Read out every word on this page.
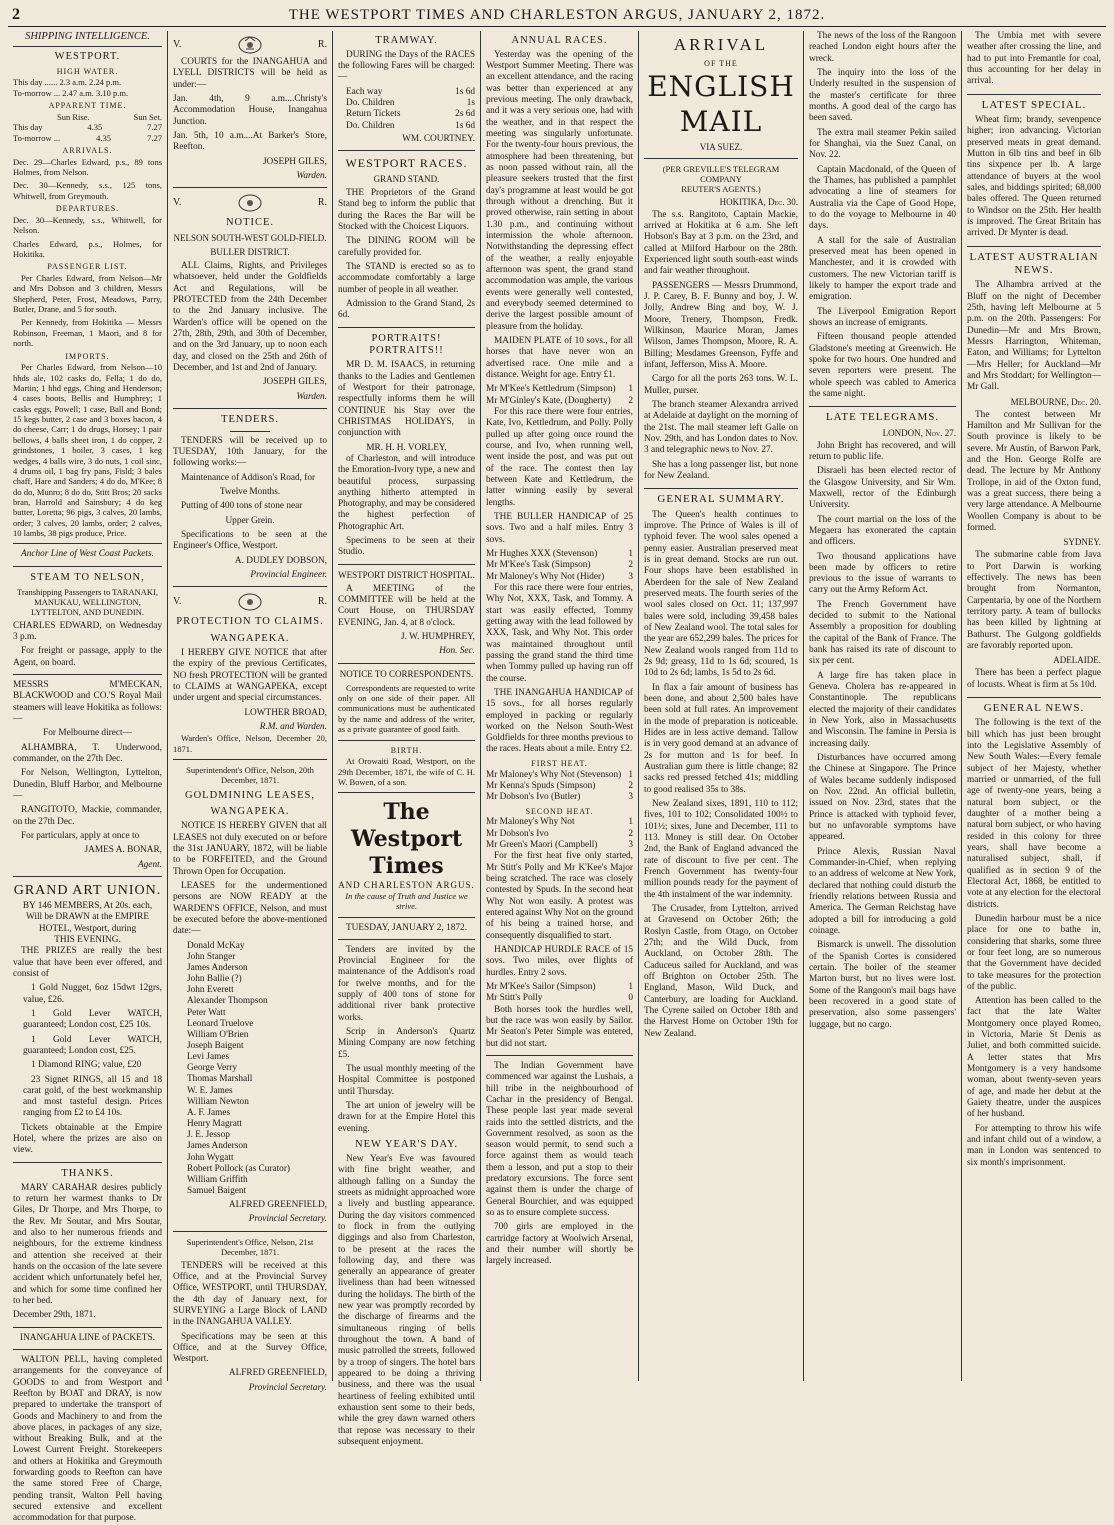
2	THE WESTPORT TIMES AND CHARLESTON ARGUS, JANUARY 2, 1872.
SHIPPING INTELLIGENCE.
WESTPORT.
HIGH WATER.
This day ...... 2.3 a.m. 2.24 p.m.
To-morrow ... 2.47 a.m. 3.10 p.m.
APPARENT TIME.
Sun Rise.	Sun Set.
This day	4.35	7.27
To-morrow ...	4.35	7.27
ARRIVALS.

Dec. 29—Charles Edward, p.s., 89 tons Holmes, from Nelson.

Dec. 30—Kennedy, s.s., 125 tons, Whitwell, from Greymouth.

DEPARTURES.

Dec. 30—Kennedy, s.s., Whitwell, for Nelson.

Charles Edward, p.s., Holmes, for Hokitika.

PASSENGER LIST.

Per Charles Edward, from Nelson—Mr and Mrs Dobson and 3 children, Messrs Shepherd, Peter, Frost, Meadows, Parry, Butler, Drane, and 5 for south.

Per Kennedy, from Hokitika — Messrs Robinson, Freeman, 1 Maori, and 8 for north.

IMPORTS.

Per Charles Edward, from Nelson—10 hhds ale, 102 casks do, Fella; 1 do do, Martin; 1 hhd eggs, Ching and Henderson; 4 cases boots, Bellis and Humphrey; 1 casks eggs, Powell; 1 case, Ball and Bond; 15 kegs butter, 2 case and 3 boxes bacon, 4 do cheese, Carr; 1 do drugs, Horsey; 1 pair bellows, 4 balls sheet iron, 1 do copper, 2 grindstones, 1 boiler, 3 cases, 1 keg wedges, 4 balls wire, 3 do nuts, 1 coil sinc, 4 drums oil, 1 bag fry pans, Fisld; 3 bales chaff, Hare and Sanders; 4 do do, M'Kee; 8 do do, Munro; 8 do do, Stitt Bros; 20 sacks bran, Harrold and Sainsbury; 4 do keg butter, Loretta; 96 pigs, 3 calves, 20 lambs, order; 3 calves, 20 lambs, order; 2 calves, 10 lambs, 38 pigs produce, Price.

Anchor Line of West Coast Packets.
STEAM TO NELSON,

Transhipping Passengers to TARANAKI, MANUKAU, WELLINGTON, LYTTELTON, AND DUNEDIN.

CHARLES EDWARD, on Wednesday 3 p.m.

For freight or passage, apply to the Agent, on board.

MESSRS M'MECKAN, BLACKWOOD and CO.'S Royal Mail steamers will leave Hokitika as follows:—

For Melbourne direct—

ALHAMBRA, T. Underwood, commander, on the 27th Dec.

For Nelson, Wellington, Lyttelton, Dunedin, Bluff Harbor, and Melbourne—

RANGITOTO, Mackie, commander, on the 27th Dec.

For particulars, apply at once to

JAMES A. BONAR,
Agent.
GRAND ART UNION.
BY 146 MEMBERS, At 20s. each,
Will be DRAWN at the EMPIRE HOTEL, Westport, during
THIS EVENING.

THE PRIZES are really the best value that have been ever offered, and consist of

1 Gold Nugget, 6oz 15dwt 12grs, value, £26.

1 Gold Lever WATCH, guaranteed; London cost, £25 10s.

1 Gold Lever WATCH, guaranteed; London cost, £25.

1 Diamond RING; value, £20

23 Signet RINGS, all 15 and 18 carat gold, of the best workmanship and most tasteful design. Prices ranging from £2 to £4 10s.

Tickets obtainable at the Empire Hotel, where the prizes are also on view.

THANKS.

MARY CARAHAR desires publicly to return her warmest thanks to Dr Giles, Dr Thorpe, and Mrs Thorpe, to the Rev. Mr Soutar, and Mrs Soutar, and also to her numerous friends and neighbours, for the extreme kindness and attention she received at their hands on the occasion of the late severe accident which unfortunately befel her, and which for some time confined her to her bed.

December 29th, 1871.

INANGAHUA LINE of PACKETS.

WALTON PELL, having completed arrangements for the conveyance of GOODS to and from Westport and Reefton by BOAT and DRAY, is now prepared to undertake the transport of Goods and Machinery to and from the above places, in packages of any size, without Breaking Bulk, and at the Lowest Current Freight. Storekeepers and others at Hokitika and Greymouth forwarding goods to Reefton can have the same stored Free of Charge, pending transit, Walton Pell having secured extensive and excellent accommodation for that purpose.

V.	R.

COURTS for the INANGAHUA and LYELL DISTRICTS will be held as under:—

Jan. 4th, 9 a.m....Christy's Accommodation House, Inangahua Junction.

Jan. 5th, 10 a.m....At Barker's Store, Reefton.

JOSEPH GILES,
Warden.
V.	R.
NOTICE.
NELSON SOUTH-WEST GOLD-FIELD.
BULLER DISTRICT.

ALL Claims, Rights, and Privileges whatsoever, held under the Goldfields Act and Regulations, will be PROTECTED from the 24th December to the 2nd January inclusive. The Warden's office will be opened on the 27th, 28th, 29th, and 30th of December, and on the 3rd January, up to noon each day, and closed on the 25th and 26th of December, and 1st and 2nd of January.

JOSEPH GILES,
Warden.
TENDERS.

TENDERS will be received up to TUESDAY, 10th January, for the following works:—

Maintenance of Addison's Road, for

Twelve Months.

Putting of 400 tons of stone near

Upper Grein.

Specifications to be seen at the Engineer's Office, Westport.

A. DUDLEY DOBSON,
Provincial Engineer.
V.	R.
PROTECTION TO CLAIMS.
WANGAPEKA.

I HEREBY GIVE NOTICE that after the expiry of the previous Certificates, NO fresh PROTECTION will be granted to CLAIMS at WANGAPEKA, except under urgent and special circumstances.

LOWTHER BROAD,
R.M. and Warden.

Warden's Office, Nelson, December 20, 1871.

Superintendent's Office, Nelson, 20th December, 1871.

GOLDMINING LEASES,
WANGAPEKA.

NOTICE IS HEREBY GIVEN that all LEASES not duly executed on or before the 31st JANUARY, 1872, will be liable to be FORFEITED, and the Ground Thrown Open for Occupation.

LEASES for the undermentioned persons are NOW READY at the WARDEN'S OFFICE, Nelson, and must be executed before the above-mentioned date:—

Donald McKay
John Stanger
James Anderson
John Ballie (?)
John Everett
Alexander Thompson
Peter Watt
Leonard Truelove
William O'Brien
Joseph Baigent
Levi James
George Verry
Thomas Marshall
W. E. James
William Newton
A. F. James
Henry Magratt
J. E. Jessop
James Anderson
John Wygatt
Robert Pollock (as Curator)
William Griffith
Samuel Baigent
ALFRED GREENFIELD,
Provincial Secretary.

Superintendent's Office, Nelson, 21st December, 1871.

TENDERS will be received at this Office, and at the Provincial Survey Office, WESTPORT, until THURSDAY, the 4th day of January next, for SURVEYING a Large Block of LAND in the INANGAHUA VALLEY.

Specifications may be seen at this Office, and at the Survey Office, Westport.

ALFRED GREENFIELD,
Provincial Secretary.
TRAMWAY.

DURING the Days of the RACES the following Fares will be charged:—

Each way	1s 6d
Do. Children	1s
Return Tickets	2s 6d
Do. Children	1s 6d
WM. COURTNEY.
WESTPORT RACES.
GRAND STAND.

THE Proprietors of the Grand Stand beg to inform the public that during the Races the Bar will be Stocked with the Choicest Liquors.

The DINING ROOM will be carefully provided for.

The STAND is erected so as to accommodate comfortably a large number of people in all weather.

Admission to the Grand Stand, 2s 6d.

PORTRAITS! PORTRAITS!!

MR D. M. ISAACS, in returning thanks to the Ladies and Gentlemen of Westport for their patronage, respectfully informs them he will CONTINUE his Stay over the CHRISTMAS HOLIDAYS, in conjunction with

MR. H. H. VORLEY,

of Charleston, and will introduce the Emoration-Ivory type, a new and beautiful process, surpassing anything hitherto attempted in Photography, and may be considered the highest perfection of Photographic Art.

Specimens to be seen at their Studio.

WESTPORT DISTRICT HOSPITAL.

A MEETING of the COMMITTEE will be held at the Court House, on THURSDAY EVENING, Jan. 4, at 8 o'clock.

J. W. HUMPHREY,
Hon. Sec.
NOTICE TO CORRESPONDENTS.

Correspondents are requested to write only on one side of their paper. All communications must be authenticated by the name and address of the writer, as a private guarantee of good faith.

BIRTH.

At Orowaiti Road, Westport, on the 29th December, 1871, the wife of C. H. W. Bowen, of a son.

The Westport Times
AND CHARLESTON ARGUS.
In the cause of Truth and Justice we strive.
TUESDAY, JANUARY 2, 1872.

Tenders are invited by the Provincial Engineer for the maintenance of the Addison's road for twelve months, and for the supply of 400 tons of stone for additional river bank protective works.

Scrip in Anderson's Quartz Mining Company are now fetching £5.

The usual monthly meeting of the Hospital Committee is postponed until Thursday.

The art union of jewelry will be drawn for at the Empire Hotel this evening.

NEW YEAR'S DAY.

New Year's Eve was favoured with fine bright weather, and although falling on a Sunday the streets as midnight approached wore a lively and bustling appearance. During the day visitors commenced to flock in from the outlying diggings and also from Charleston, to be present at the races the following day, and there was generally an appearance of greater liveliness than had been witnessed during the holidays. The birth of the new year was promptly recorded by the discharge of firearms and the simultaneous ringing of bells throughout the town. A band of music patrolled the streets, followed by a troop of singers. The hotel bars appeared to be doing a thriving business, and there was the usual heartiness of feeling exhibited until exhaustion sent some to their beds, while the grey dawn warned others that repose was necessary to their subsequent enjoyment.

ANNUAL RACES.

Yesterday was the opening of the Westport Summer Meeting. There was an excellent attendance, and the racing was better than experienced at any previous meeting. The only drawback, and it was a very serious one, had with the weather, and in that respect the meeting was singularly unfortunate. For the twenty-four hours previous, the atmosphere had been threatening, but as noon passed without rain, all the pleasure seekers trusted that the first day's programme at least would be got through without a drenching. But it proved otherwise, rain setting in about 1.30 p.m., and continuing without intermission the whole afternoon. Notwithstanding the depressing effect of the weather, a really enjoyable afternoon was spent, the grand stand accommodation was ample, the various events were generally well contested, and everybody seemed determined to derive the largest possible amount of pleasure from the holiday.

MAIDEN PLATE of 10 sovs., for all horses that have never won an advertised race. One mile and a distance. Weight for age. Entry £1.

Mr M'Kee's Kettledrum (Simpson) 1
Mr M'Ginley's Kate, (Dougherty) 2

For this race there were four entries, Kate, Ivo, Kettledrum, and Polly. Polly pulled up after going once round the course, and Ivo, when running well, went inside the post, and was put out of the race. The contest then lay between Kate and Kettledrum, the latter winning easily by several lengths.

THE BULLER HANDICAP of 25 sovs. Two and a half miles. Entry 3 sovs.

Mr Hughes XXX (Stevenson)	1
Mr M'Kee's Task (Simpson)	2
Mr Maloney's Why Not (Hider)	3

For this race there were four entries, Why Not, XXX, Task, and Tommy. A start was easily effected, Tommy getting away with the lead followed by XXX, Task, and Why Not. This order was maintained throughout until passing the grand stand the third time when Tommy pulled up having run off the course.

THE INANGAHUA HANDICAP of 15 sovs., for all horses regularly employed in packing or regularly worked on the Nelson South-West Goldfields for three months previous to the races. Heats about a mile. Entry £2.

FIRST HEAT.
Mr Maloney's Why Not (Stevenson) 1
Mr Kenna's Spuds (Simpson)	2
Mr Dobson's Ivo (Butler)	3
SECOND HEAT.
Mr Maloney's Why Not	1
Mr Dobson's Ivo	2
Mr Green's Maori (Campbell)	3

For the first heat five only started, Mr Stitt's Polly and Mr K'Kee's Major being scratched. The race was closely contested by Spuds. In the second heat Why Not won easily. A protest was entered against Why Not on the ground of his being a trained horse, and consequently disqualified to start.

HANDICAP HURDLE RACE of 15 sovs. Two miles, over flights of hurdles. Entry 2 sovs.

Mr M'Kee's Sailor (Simpson)	1
Mr Stitt's Polly	0

Both horses took the hurdles well, but the race was won easily by Sailor. Mr Seaton's Peter Simple was entered, but did not start.

The Indian Government have commenced war against the Lushais, a hill tribe in the neighbourhood of Cachar in the presidency of Bengal. These people last year made several raids into the settled districts, and the Government resolved, as soon as the season would permit, to send such a force against them as would teach them a lesson, and put a stop to their predatory excursions. The force sent against them is under the charge of General Bourchier, and was equipped so as to ensure complete success.

700 girls are employed in the cartridge factory at Woolwich Arsenal, and their number will shortly be largely increased.

ARRIVAL
OF THE
ENGLISH MAIL
VIA SUEZ.
(PER GREVILLE'S TELEGRAM COMPANY
REUTER'S AGENTS.)
HOKITIKA, Dec. 30.

The s.s. Rangitoto, Captain Mackie, arrived at Hokitika at 6 a.m. She left Hobson's Bay at 3 p.m. on the 23rd, and called at Milford Harbour on the 28th. Experienced light south south-east winds and fair weather throughout.

PASSENGERS — Messrs Drummond, J. P. Carey, B. F. Bunny and boy, J. W. Jolly, Andrew Bing and boy, W. J. Moore, Trenery, Thompson, Fredk. Wilkinson, Maurice Moran, James Wilson, James Thompson, Moore, R. A. Billing; Mesdames Greenson, Fyffe and infant, Jefferson, Miss A. Moore.

Cargo for all the ports 263 tons. W. L. Muller, purser.

The branch steamer Alexandra arrived at Adelaide at daylight on the morning of the 21st. The mail steamer left Galle on Nov. 29th, and has London dates to Nov. 3 and telegraphic news to Nov. 27.

She has a long passenger list, but none for New Zealand.

GENERAL SUMMARY.

The Queen's health continues to improve. The Prince of Wales is ill of typhoid fever. The wool sales opened a penny easier. Australian preserved meat is in great demand. Stocks are run out. Four shops have been established in Aberdeen for the sale of New Zealand preserved meats. The fourth series of the wool sales closed on Oct. 11; 137,997 bales were sold, including 39,458 bales of New Zealand wool. The total sales for the year are 652,299 bales. The prices for New Zealand wools ranged from 11d to 2s 9d; greasy, 11d to 1s 6d; scoured, 1s 10d to 2s 6d; lambs, 1s 5d to 2s 6d.

In flax a fair amount of business has been done, and about 2,500 bales have been sold at full rates. An improvement in the mode of preparation is noticeable. Hides are in less active demand. Tallow is in very good demand at an advance of 2s for mutton and 1s for beef. In Australian gum there is little change; 82 sacks red pressed fetched 41s; middling to good realised 35s to 38s.

New Zealand sixes, 1891, 110 to 112; fives, 101 to 102; Consolidated 100½ to 101½; sixes, June and December, 111 to 113. Money is still dear. On October 2nd, the Bank of England advanced the rate of discount to five per cent. The French Government has twenty-four million pounds ready for the payment of the 4th instalment of the war indemnity.

The Crusader, from Lyttelton, arrived at Gravesend on October 26th; the Roslyn Castle, from Otago, on October 27th; and the Wild Duck, from Auckland, on October 28th. The Caduceus sailed for Auckland, and was off Brighton on October 25th. The England, Mason, Wild Duck, and Canterbury, are loading for Auckland. The Cyrene sailed on October 18th and the Harvest Home on October 19th for New Zealand.

The news of the loss of the Rangoon reached London eight hours after the wreck.

The inquiry into the loss of the Underly resulted in the suspension of the master's certificate for three months. A good deal of the cargo has been saved.

The extra mail steamer Pekin sailed for Shanghai, via the Suez Canal, on Nov. 22.

Captain Macdonald, of the Queen of the Thames, has published a pamphlet advocating a line of steamers for Australia via the Cape of Good Hope, to do the voyage to Melbourne in 40 days.

A stall for the sale of Australian preserved meat has been opened in Manchester, and it is crowded with customers. The new Victorian tariff is likely to hamper the export trade and emigration.

The Liverpool Emigration Report shows an increase of emigrants.

Fifteen thousand people attended Gladstone's meeting at Greenwich. He spoke for two hours. One hundred and seven reporters were present. The whole speech was cabled to America the same night.

LATE TELEGRAMS.
LONDON, Nov. 27.

John Bright has recovered, and will return to public life.

Disraeli has been elected rector of the Glasgow University, and Sir Wm. Maxwell, rector of the Edinburgh University.

The court martial on the loss of the Megaera has exonerated the captain and officers.

Two thousand applications have been made by officers to retire previous to the issue of warrants to carry out the Army Reform Act.

The French Government have decided to submit to the National Assembly a proposition for doubling the capital of the Bank of France. The bank has raised its rate of discount to six per cent.

A large fire has taken place in Geneva. Cholera has re-appeared in Constantinople. The republicans elected the majority of their candidates in New York, also in Massachusetts and Wisconsin. The famine in Persia is increasing daily.

Disturbances have occurred among the Chinese at Singapore. The Prince of Wales became suddenly indisposed on Nov. 22nd. An official bulletin, issued on Nov. 23rd, states that the Prince is attacked with typhoid fever, but no unfavorable symptoms have appeared.

Prince Alexis, Russian Naval Commander-in-Chief, when replying to an address of welcome at New York, declared that nothing could disturb the friendly relations between Russia and America. The German Reichstag have adopted a bill for introducing a gold coinage.

Bismarck is unwell. The dissolution of the Spanish Cortes is considered certain. The boiler of the steamer Marton burst, but no lives were lost. Some of the Rangoon's mail bags have been recovered in a good state of preservation, also some passengers' luggage, but no cargo.

The Umbia met with severe weather after crossing the line, and had to put into Fremantle for coal, thus accounting for her delay in arrival.

LATEST SPECIAL.

Wheat firm; brandy, sevenpence higher; iron advancing. Victorian preserved meats in great demand. Mutton in 6lb tins and beef in 6lb tins sixpence per lb. A large attendance of buyers at the wool sales, and biddings spirited; 68,000 bales offered. The Queen returned to Windsor on the 25th. Her health is improved. The Great Britain has arrived. Dr Mynter is dead.

LATEST AUSTRALIAN NEWS.

The Alhambra arrived at the Bluff on the night of December 25th, having left Melbourne at 5 p.m. on the 20th. Passengers: For Dunedin—Mr and Mrs Brown, Messrs Harrington, Whiteman, Eaton, and Williams; for Lyttelton—Mrs Heller; for Auckland—Mr and Mrs Stoddart; for Wellington—Mr Gall.

MELBOURNE, Dec. 20.

The contest between Mr Hamilton and Mr Sullivan for the South province is likely to be severe. Mr Austin, of Barwon Park, and the Hon. George Rolfe are dead. The lecture by Mr Anthony Trollope, in aid of the Oxton fund, was a great success, there being a very large attendance. A Melbourne Woollen Company is about to be formed.

SYDNEY.

The submarine cable from Java to Port Darwin is working effectively. The news has been brought from Normanton, Carpentaria, by one of the Northern territory party. A team of bullocks has been killed by lightning at Bathurst. The Gulgong goldfields are favorably reported upon.

ADELAIDE.

There has been a perfect plague of locusts. Wheat is firm at 5s 10d.

GENERAL NEWS.

The following is the text of the bill which has just been brought into the Legislative Assembly of New South Wales:—Every female subject of her Majesty, whether married or unmarried, of the full age of twenty-one years, being a natural born subject, or the daughter of a mother being a natural born subject, or who having resided in this colony for three years, shall have become a naturalised subject, shall, if qualified as in section 9 of the Electoral Act, 1868, be entitled to vote at any election for the electoral districts.

Dunedin harbour must be a nice place for one to bathe in, considering that sharks, some three or four feet long, are so numerous that the Government have decided to take measures for the protection of the public.

Attention has been called to the fact that the late Walter Montgomery once played Romeo, in Victoria, Marie St Denis as Juliet, and both committed suicide. A letter states that Mrs Montgomery is a very handsome woman, about twenty-seven years of age, and made her debut at the Gaiety theatre, under the auspices of her husband.

For attempting to throw his wife and infant child out of a window, a man in London was sentenced to six month's imprisonment.
